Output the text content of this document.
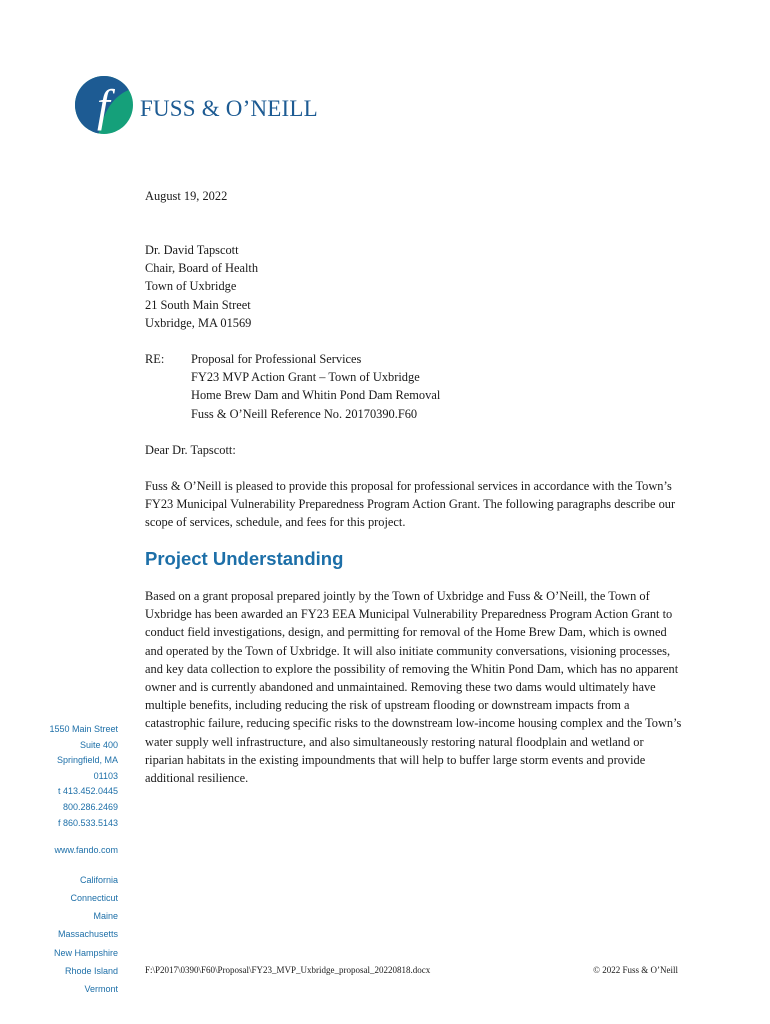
f FUSS & O’NEILL
August 19, 2022
Dr. David Tapscott
Chair, Board of Health
Town of Uxbridge
21 South Main Street
Uxbridge, MA 01569
RE: Proposal for Professional Services
FY23 MVP Action Grant – Town of Uxbridge
Home Brew Dam and Whitin Pond Dam Removal
Fuss & O’Neill Reference No. 20170390.F60
Dear Dr. Tapscott:
Fuss & O’Neill is pleased to provide this proposal for professional services in accordance with the Town’s FY23 Municipal Vulnerability Preparedness Program Action Grant. The following paragraphs describe our scope of services, schedule, and fees for this project.
Project Understanding
Based on a grant proposal prepared jointly by the Town of Uxbridge and Fuss & O’Neill, the Town of Uxbridge has been awarded an FY23 EEA Municipal Vulnerability Preparedness Program Action Grant to conduct field investigations, design, and permitting for removal of the Home Brew Dam, which is owned and operated by the Town of Uxbridge. It will also initiate community conversations, visioning processes, and key data collection to explore the possibility of removing the Whitin Pond Dam, which has no apparent owner and is currently abandoned and unmaintained. Removing these two dams would ultimately have multiple benefits, including reducing the risk of upstream flooding or downstream impacts from a catastrophic failure, reducing specific risks to the downstream low-income housing complex and the Town’s water supply well infrastructure, and also simultaneously restoring natural floodplain and wetland or riparian habitats in the existing impoundments that will help to buffer large storm events and provide additional resilience.
1550 Main Street
Suite 400
Springfield, MA
01103
t 413.452.0445
800.286.2469
f 860.533.5143
www.fando.com
California
Connecticut
Maine
Massachusetts
New Hampshire
Rhode Island
Vermont
F:\P2017\0390\F60\Proposal\FY23_MVP_Uxbridge_proposal_20220818.docx	© 2022 Fuss & O’Neill
